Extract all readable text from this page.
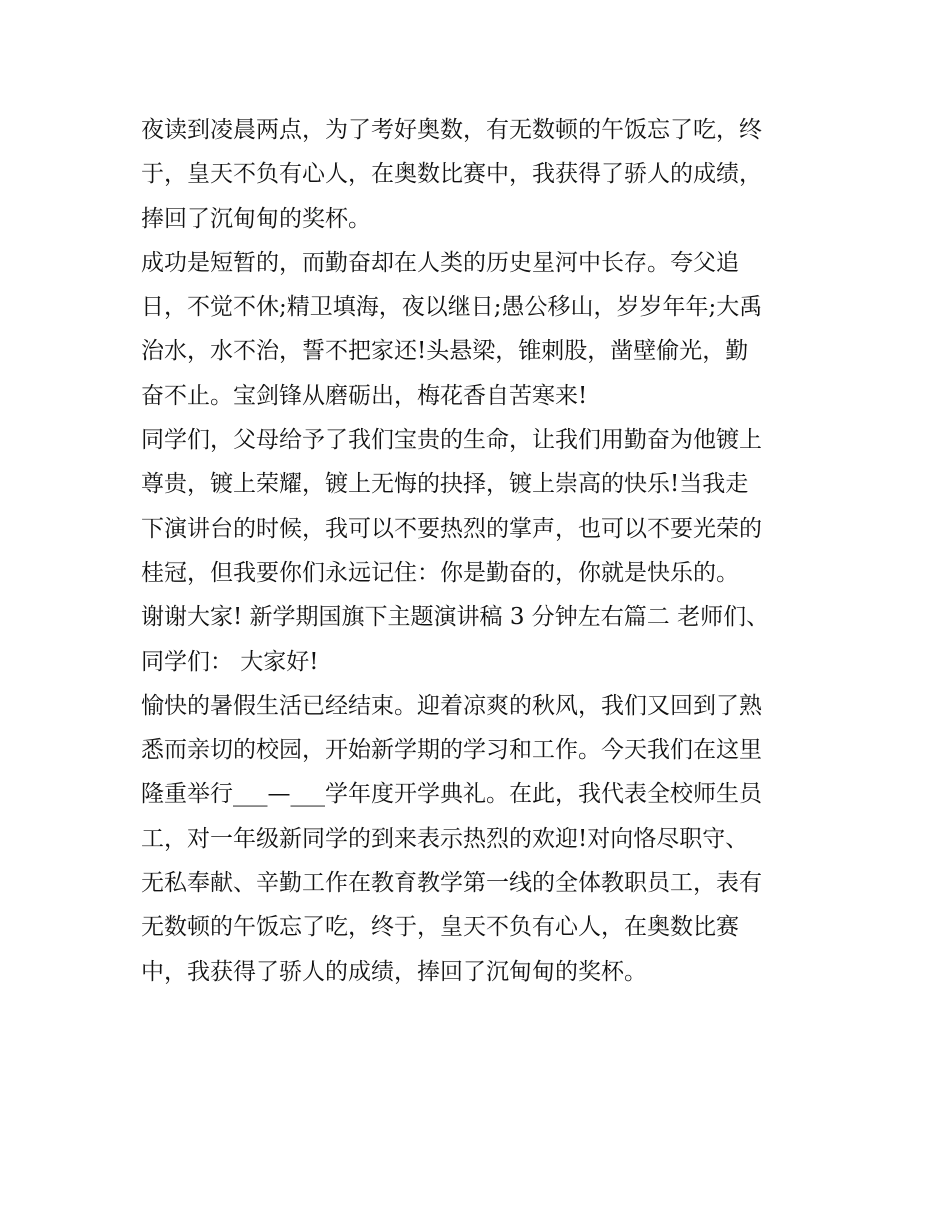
夜读到凌晨两点，为了考好奥数，有无数顿的午饭忘了吃，终
于，皇天不负有心人，在奥数比赛中，我获得了骄人的成绩，
捧回了沉甸甸的奖杯。
成功是短暂的，而勤奋却在人类的历史星河中长存。夸父追
日，不觉不休;精卫填海，夜以继日;愚公移山，岁岁年年;大禹
治水，水不治，誓不把家还!头悬梁，锥刺股，凿壁偷光，勤
奋不止。宝剑锋从磨砺出，梅花香自苦寒来!
同学们，父母给予了我们宝贵的生命，让我们用勤奋为他镀上
尊贵，镀上荣耀，镀上无悔的抉择，镀上崇高的快乐!当我走
下演讲台的时候，我可以不要热烈的掌声，也可以不要光荣的
桂冠，但我要你们永远记住：你是勤奋的，你就是快乐的。
谢谢大家! 新学期国旗下主题演讲稿 3 分钟左右篇二 老师们、
同学们： 大家好!
愉快的暑假生活已经结束。迎着凉爽的秋风，我们又回到了熟
悉而亲切的校园，开始新学期的学习和工作。今天我们在这里
隆重举行___—___学年度开学典礼。在此，我代表全校师生员
工，对一年级新同学的到来表示热烈的欢迎!对向恪尽职守、
无私奉献、辛勤工作在教育教学第一线的全体教职员工，表有
无数顿的午饭忘了吃，终于，皇天不负有心人，在奥数比赛
中，我获得了骄人的成绩，捧回了沉甸甸的奖杯。
